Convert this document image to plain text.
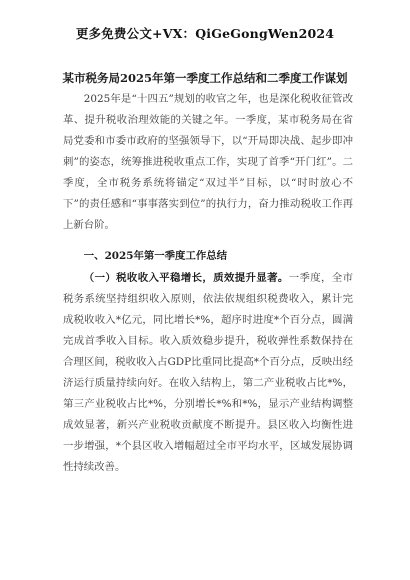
更多免费公文+VX：QiGeGongWen2024
某市税务局2025年第一季度工作总结和二季度工作谋划

2025年是“十四五”规划的收官之年，也是深化税收征管改革、提升税收治理效能的关键之年。一季度，某市税务局在省局党委和市委市政府的坚强领导下，以“开局即决战、起步即冲刺”的姿态，统筹推进税收重点工作，实现了首季“开门红”。二季度，全市税务系统将锚定“双过半”目标，以“时时放心不下”的责任感和“事事落实到位”的执行力，奋力推动税收工作再上新台阶。

一、2025年第一季度工作总结

（一）税收收入平稳增长，质效提升显著。一季度，全市税务系统坚持组织收入原则，依法依规组织税费收入，累计完成税收收入*亿元，同比增长*%，超序时进度*个百分点，圆满完成首季收入目标。收入质效稳步提升，税收弹性系数保持在合理区间，税收收入占GDP比重同比提高*个百分点，反映出经济运行质量持续向好。在收入结构上，第二产业税收占比*%，第三产业税收占比*%，分别增长*%和*%，显示产业结构调整成效显著，新兴产业税收贡献度不断提升。县区收入均衡性进一步增强，*个县区收入增幅超过全市平均水平，区域发展协调性持续改善。
